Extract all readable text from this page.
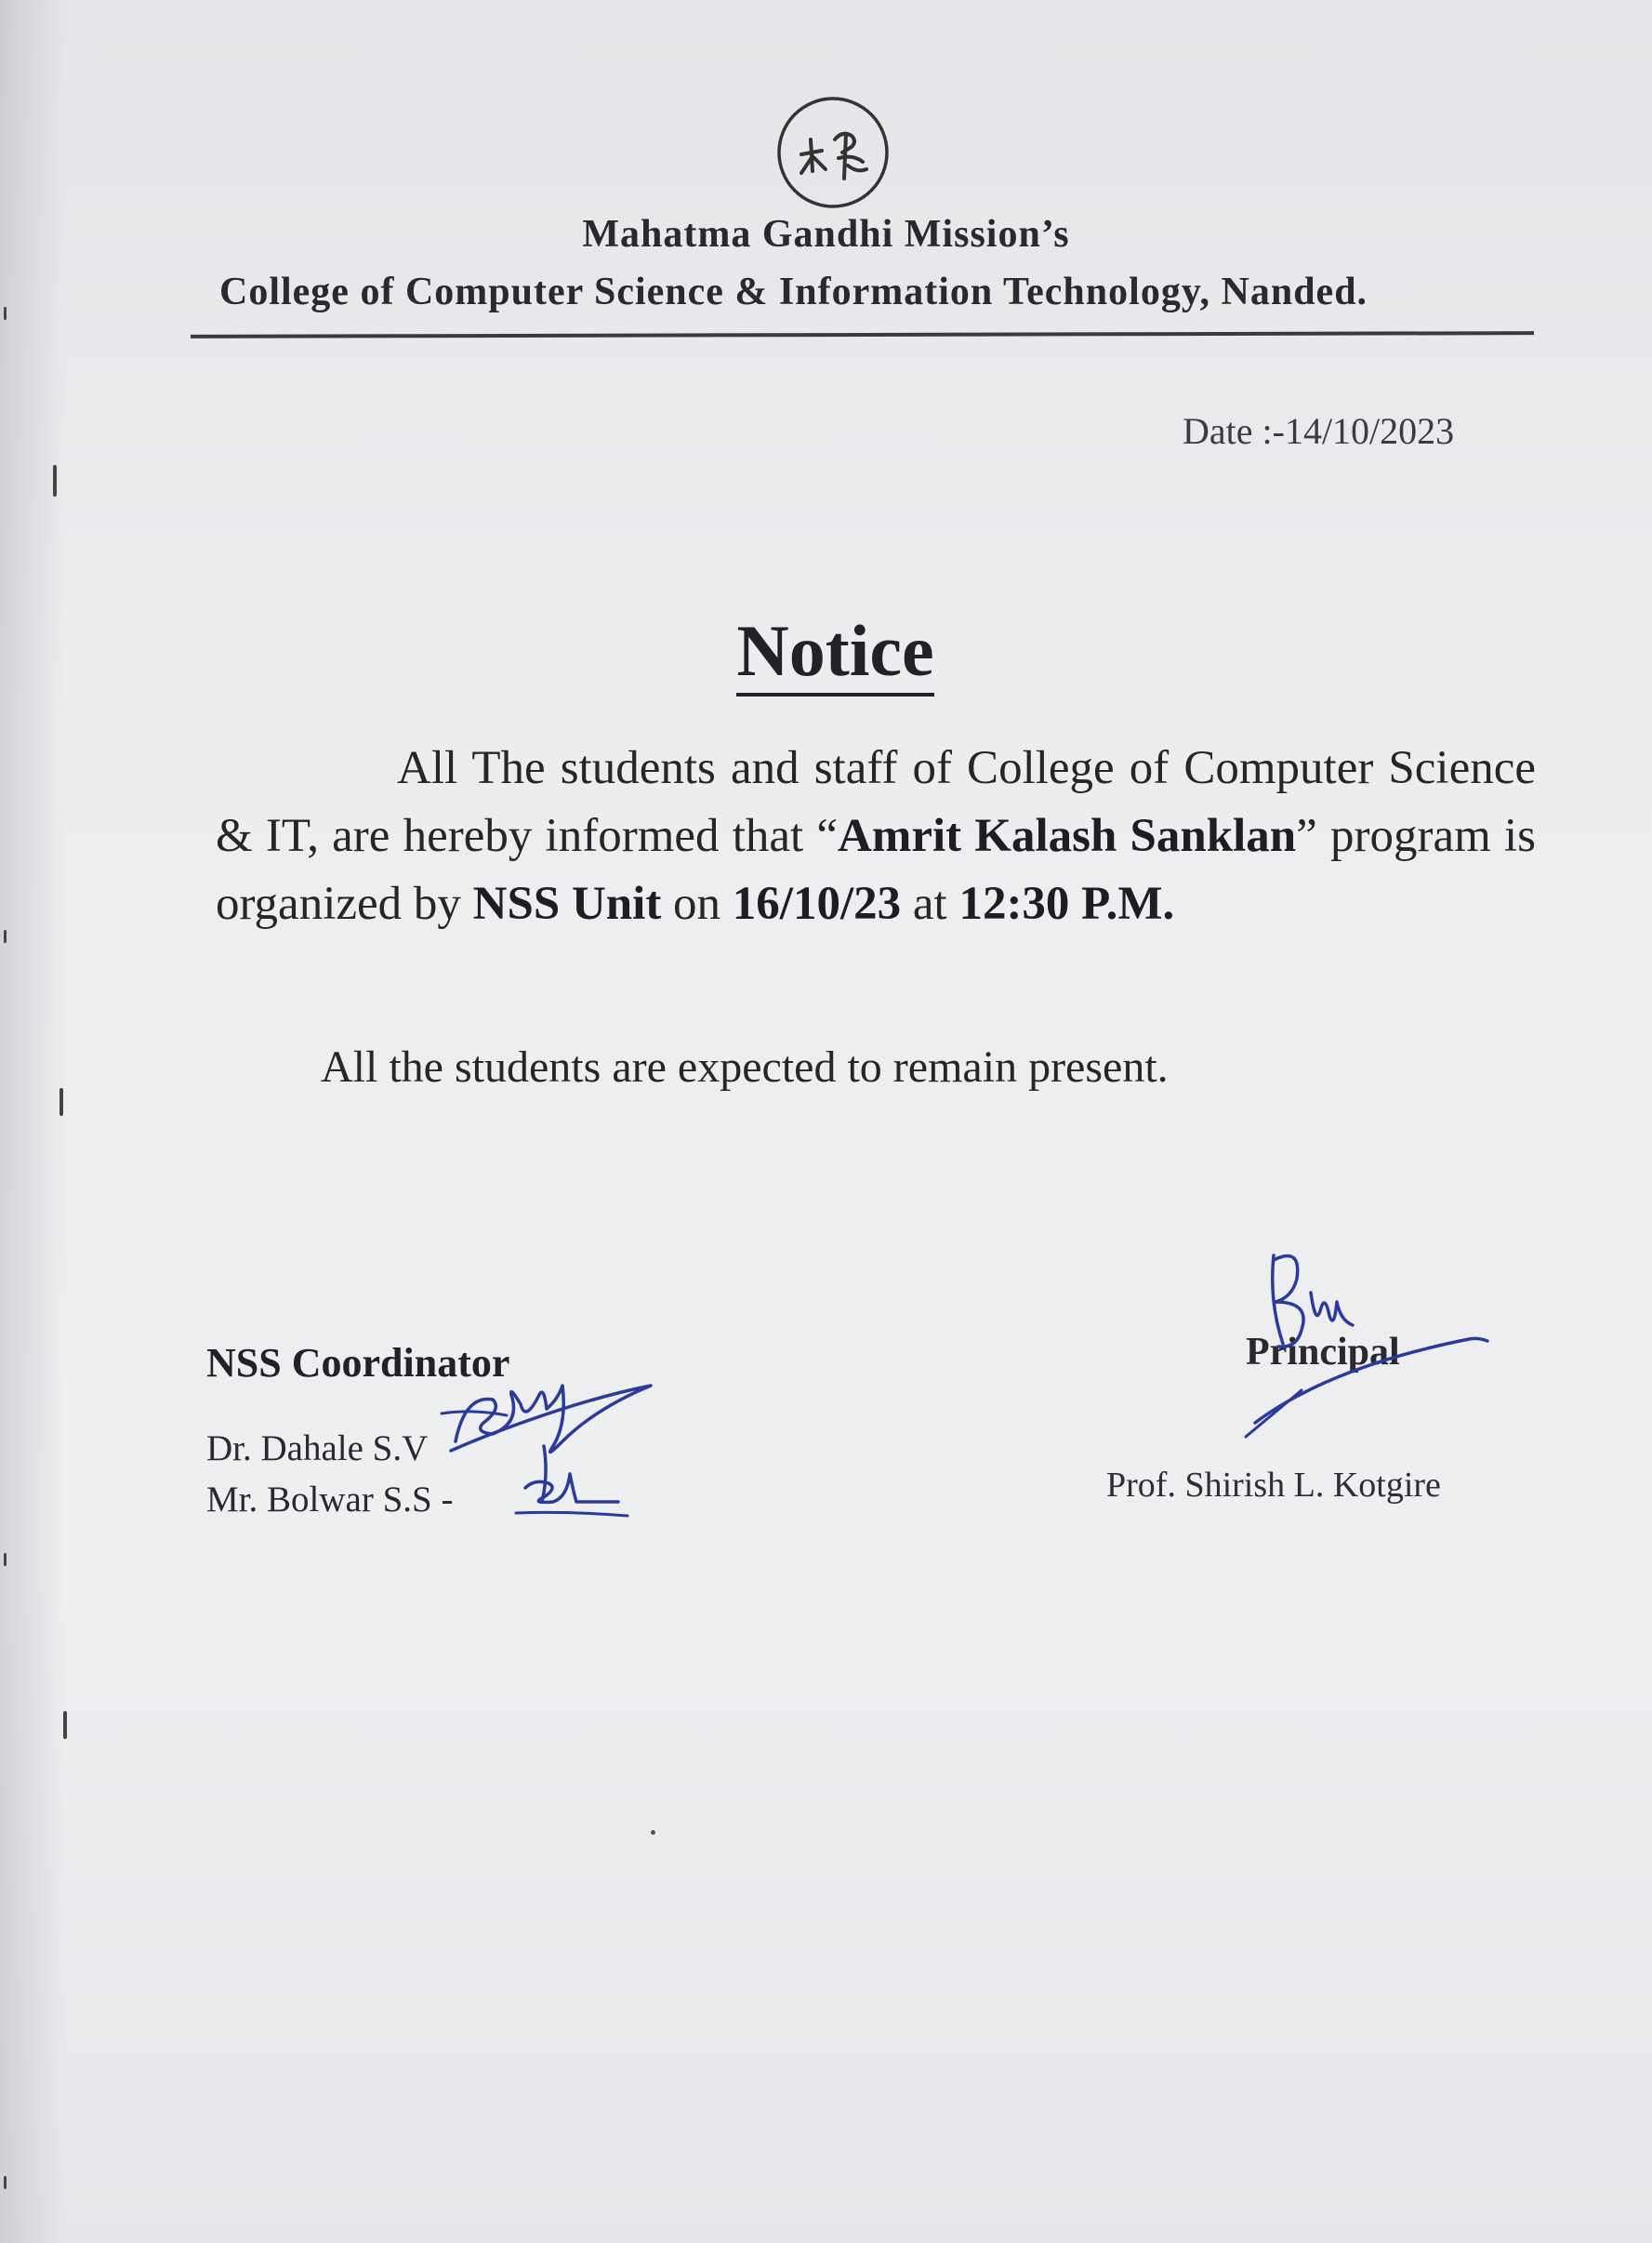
Mahatma Gandhi Mission’s
College of Computer Science & Information Technology, Nanded.
Date :-14/10/2023
Notice
All The students and staff of College of Computer Science & IT, are hereby informed that “Amrit Kalash Sanklan” program is organized by NSS Unit on 16/10/23 at 12:30 P.M.
All the students are expected to remain present.
NSS Coordinator
Dr. Dahale S.V
Mr. Bolwar S.S -
Principal
Prof. Shirish L. Kotgire
